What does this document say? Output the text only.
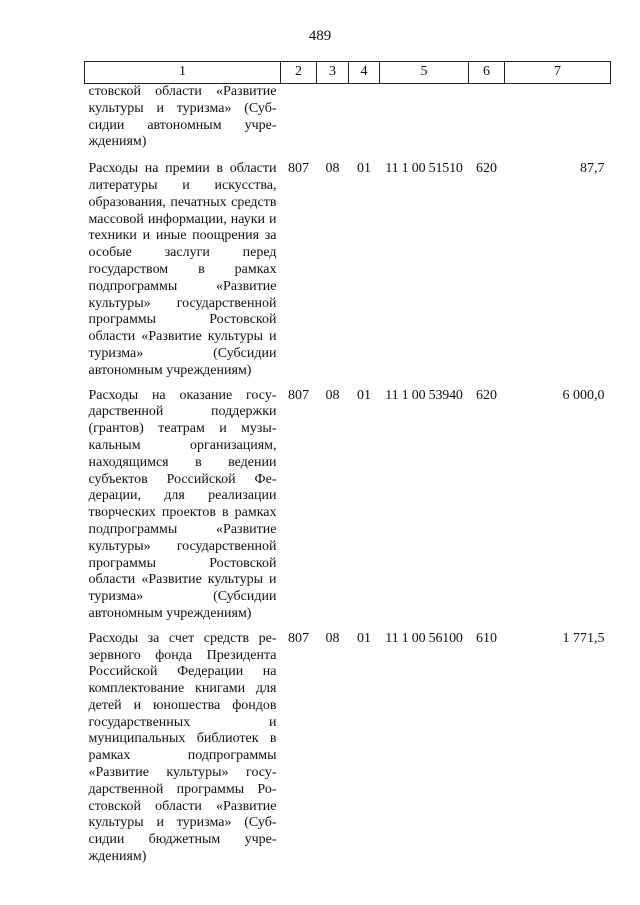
489
1	2	3	4	5	6	7
стовской области «Развитие культуры и туризма» (Субсидии автономным учреждениям)						
Расходы на премии в области литературы и искусства, образования, печатных средств массовой информации, науки и техники и иные поощрения за особые заслуги перед государством в рамках подпрограммы «Развитие культуры» государственной программы Ростовской области «Развитие культуры и туризма» (Субсидии автономным учреждениям)	807	08	01	11 1 00 51510	620	87,7
Расходы на оказание государственной поддержки (грантов) театрам и музыкальным организациям, находящимся в ведении субъектов Российской Федерации, для реализации творческих проектов в рамках подпрограммы «Развитие культуры» государственной программы Ростовской области «Развитие культуры и туризма» (Субсидии автономным учреждениям)	807	08	01	11 1 00 53940	620	6 000,0
Расходы за счет средств резервного фонда Президента Российской Федерации на комплектование книгами для детей и юношества фондов государственных и муниципальных библиотек в рамках подпрограммы «Развитие культуры» государственной программы Ростовской области «Развитие культуры и туризма» (Субсидии бюджетным учреждениям)	807	08	01	11 1 00 56100	610	1 771,5
